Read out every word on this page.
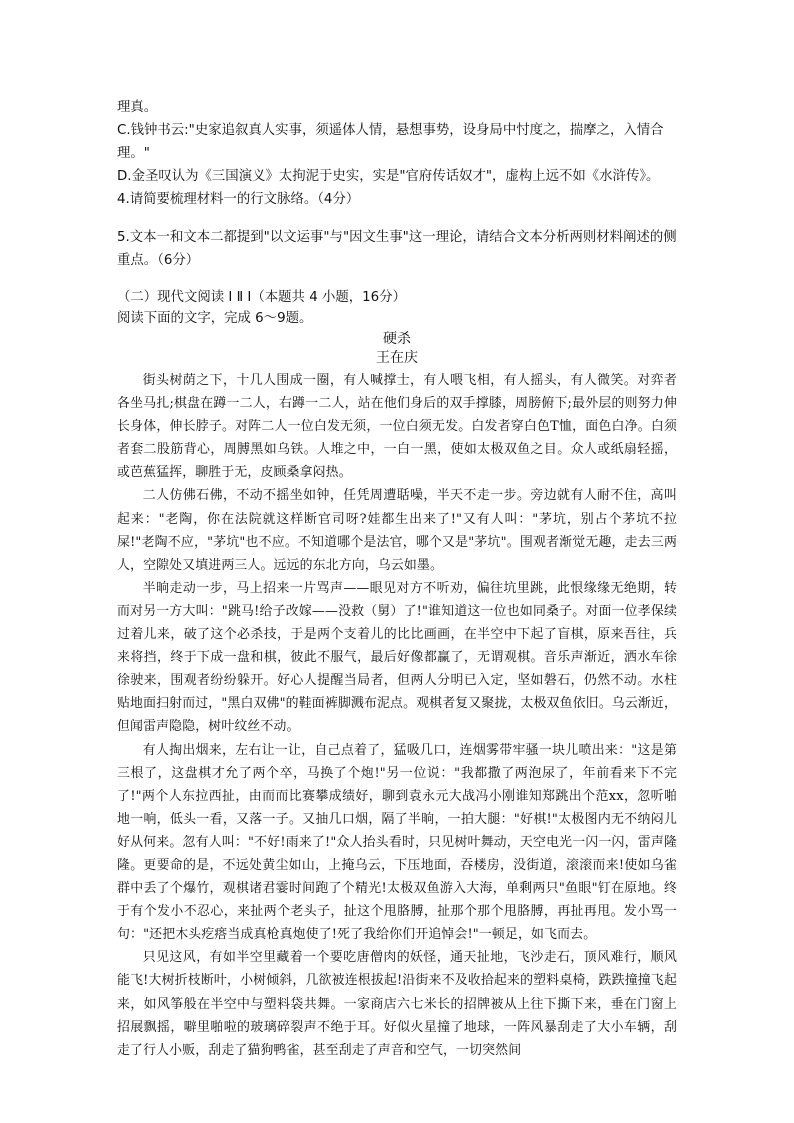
理真。

C.钱钟书云:"史家追叙真人实事，须遥体人情，悬想事势，设身局中忖度之，揣摩之，入情合理。"

D.金圣叹认为《三国演义》太拘泥于史实，实是"官府传话奴才"，虚构上远不如《水浒传》。

4.请简要梳理材料一的行文脉络。（4分）

5.文本一和文本二都提到"以文运事"与"因文生事"这一理论，请结合文本分析两则材料阐述的侧重点。（6分）

（二）现代文阅读 I Ⅱ I（本题共 4 小题，16分）

阅读下面的文字，完成 6～9题。

硬杀

王在庆

街头树荫之下，十几人围成一圈，有人喊撑士，有人喂飞相，有人摇头，有人微笑。对弈者各坐马扎;棋盘在蹲一二人，右蹲一二人，站在他们身后的双手撑膝，周膀俯下;最外层的则努力伸长身体，伸长脖子。对阵二人一位白发无须，一位白须无发。白发者穿白色T恤，面色白净。白须者套二股筋背心，周膊黑如乌铁。人堆之中，一白一黑，使如太极双鱼之目。众人或纸扇轻摇，或芭蕉猛挥，聊胜于无，皮顾桑拿闷热。

二人仿佛石佛，不动不摇坐如钟，任凭周遭聒噪，半天不走一步。旁边就有人耐不住，高叫起来："老陶，你在法院就这样断官司呀?娃都生出来了!"又有人叫："茅坑，别占个茅坑不拉屎!"老陶不应，"茅坑"也不应。不知道哪个是法官，哪个又是"茅坑"。围观者渐觉无趣，走去三两人，空隙处又填进两三人。远远的东北方向，乌云如墨。

半晌走动一步，马上招来一片骂声——眼见对方不听劝，偏往坑里跳，此恨缘缘无绝期，转而对另一方大叫："跳马!给子改嫁——没救（舅）了!"谁知道这一位也如同桑子。对面一位孝保续过着儿来，破了这个必杀技，于是两个支着儿的比比画画，在半空中下起了盲棋，原来吾往，兵来将挡，终于下成一盘和棋，彼此不服气，最后好像都赢了，无谓观棋。音乐声渐近，洒水车徐徐驶来，围观者纷纷躲开。好心人提醒当局者，但两人分明已入定，坚如磐石，仍然不动。水柱贴地面扫射而过，"黑白双佛"的鞋面裤脚溅布泥点。观棋者复又聚拢，太极双鱼依旧。乌云渐近，但闻雷声隐隐，树叶纹丝不动。

有人掏出烟来，左右让一让，自己点着了，猛吸几口，连烟雾带牢骚一块儿喷出来："这是第三根了，这盘棋才允了两个卒，马换了个炮!"另一位说："我都撒了两泡尿了，年前看来下不完了!"两个人东拉西扯，由而而比赛攀成绩好，聊到袁永元大战冯小刚谁知郑跳出个范xx，忽听啪地一响，低头一看，又落一子。又抽几口烟，隔了半晌，一拍大腿："好棋!"太极图内无不纳闷儿好从何来。忽有人叫："不好!雨来了!"众人抬头看时，只见树叶舞动，天空电光一闪一闪，雷声隆隆。更要命的是，不远处黄尘如山，上掩乌云，下压地面，吞楼房，没街道，滚滚而来!使如乌雀群中丢了个爆竹，观棋诸君霎时间跑了个精光!太极双鱼游入大海，单剩两只"鱼眼"钉在原地。终于有个发小不忍心，来扯两个老头子，扯这个甩胳膊，扯那个那个甩胳膊，再扯再甩。发小骂一句："还把木头疙瘩当成真枪真炮使了!死了我给你们开追悼会!"一顿足，如飞而去。

只见这风，有如半空里藏着一个要吃唐僧肉的妖怪，通天扯地，飞沙走石，顶风难行，顺风能飞!大树折枝断叶，小树倾斜，几欲被连根拔起!沿街来不及收拾起来的塑料桌椅，跌跌撞撞飞起来，如风筝般在半空中与塑料袋共舞。一家商店六七米长的招牌被从上往下撕下来，垂在门窗上招展飘摇，噼里啪啦的玻璃碎裂声不绝于耳。好似火星撞了地球，一阵风暴刮走了大小车辆，刮走了行人小贩，刮走了猫狗鸭雀，甚至刮走了声音和空气，一切突然间
